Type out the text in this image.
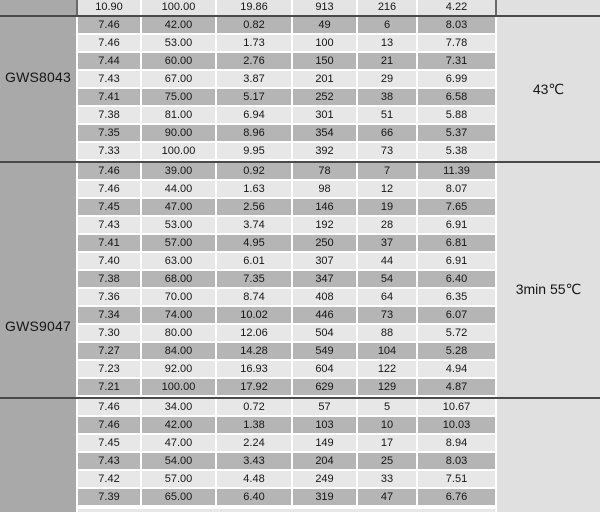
10.90	100.00	19.86	913	216	4.22
GWS8043
7.46	42.00	0.82	49	6	8.03
7.46	53.00	1.73	100	13	7.78
7.44	60.00	2.76	150	21	7.31
7.43	67.00	3.87	201	29	6.99
7.41	75.00	5.17	252	38	6.58
7.38	81.00	6.94	301	51	5.88
7.35	90.00	8.96	354	66	5.37
7.33	100.00	9.95	392	73	5.38
43℃
GWS9047
7.46	39.00	0.92	78	7	11.39
7.46	44.00	1.63	98	12	8.07
7.45	47.00	2.56	146	19	7.65
7.43	53.00	3.74	192	28	6.91
7.41	57.00	4.95	250	37	6.81
7.40	63.00	6.01	307	44	6.91
7.38	68.00	7.35	347	54	6.40
7.36	70.00	8.74	408	64	6.35
7.34	74.00	10.02	446	73	6.07
7.30	80.00	12.06	504	88	5.72
7.27	84.00	14.28	549	104	5.28
7.23	92.00	16.93	604	122	4.94
7.21	100.00	17.92	629	129	4.87
3min 55℃
7.46	34.00	0.72	57	5	10.67
7.46	42.00	1.38	103	10	10.03
7.45	47.00	2.24	149	17	8.94
7.43	54.00	3.43	204	25	8.03
7.42	57.00	4.48	249	33	7.51
7.39	65.00	6.40	319	47	6.76
